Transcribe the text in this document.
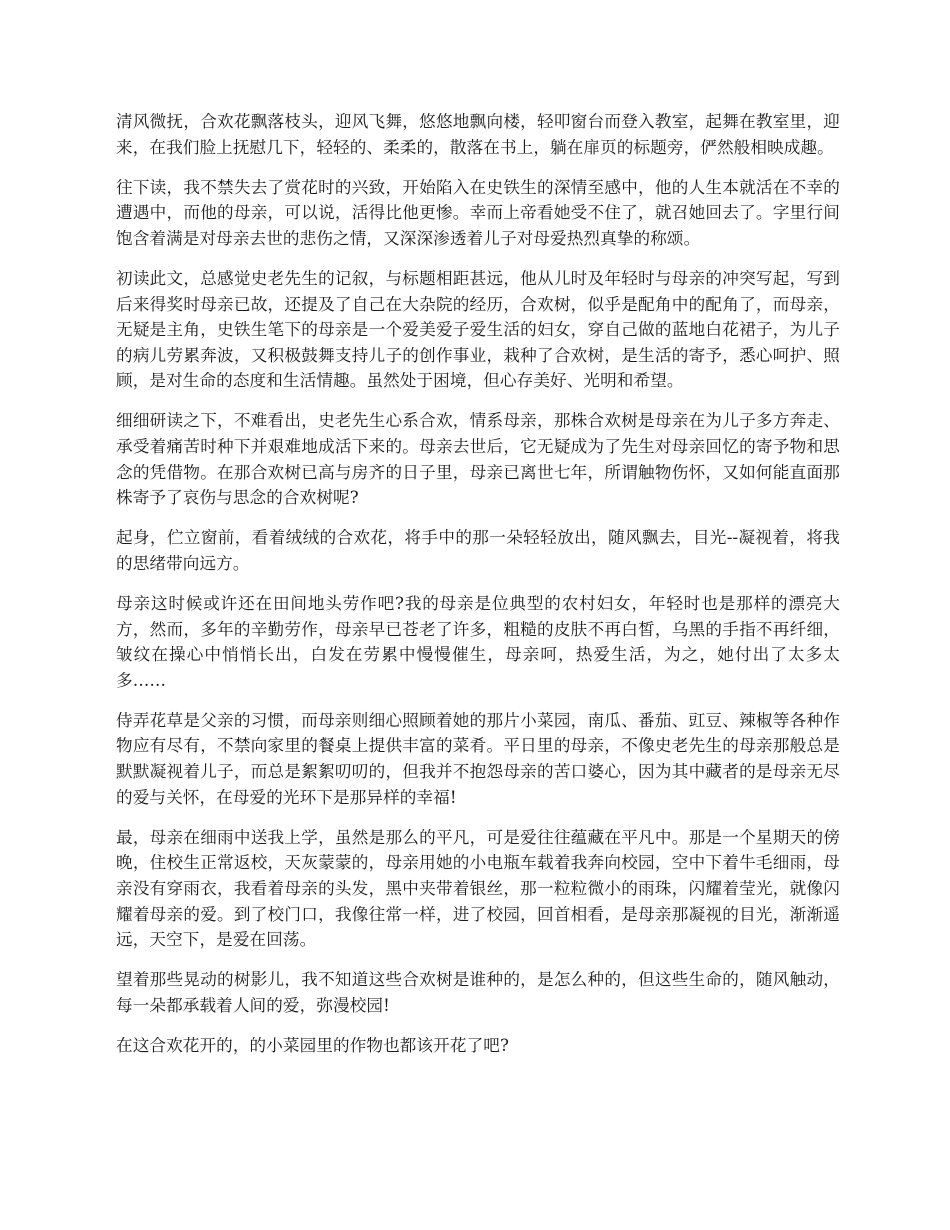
清风微抚，合欢花飘落枝头，迎风飞舞，悠悠地飘向楼，轻叩窗台而登入教室，起舞在教室里，迎来，在我们脸上抚慰几下，轻轻的、柔柔的，散落在书上，躺在扉页的标题旁，俨然般相映成趣。

往下读，我不禁失去了赏花时的兴致，开始陷入在史铁生的深情至感中，他的人生本就活在不幸的遭遇中，而他的母亲，可以说，活得比他更惨。幸而上帝看她受不住了，就召她回去了。字里行间饱含着满是对母亲去世的悲伤之情，又深深渗透着儿子对母爱热烈真挚的称颂。

初读此文，总感觉史老先生的记叙，与标题相距甚远，他从儿时及年轻时与母亲的冲突写起，写到后来得奖时母亲已故，还提及了自己在大杂院的经历，合欢树，似乎是配角中的配角了，而母亲，无疑是主角，史铁生笔下的母亲是一个爱美爱子爱生活的妇女，穿自己做的蓝地白花裙子，为儿子的病儿劳累奔波，又积极鼓舞支持儿子的创作事业，栽种了合欢树，是生活的寄予，悉心呵护、照顾，是对生命的态度和生活情趣。虽然处于困境，但心存美好、光明和希望。

细细研读之下，不难看出，史老先生心系合欢，情系母亲，那株合欢树是母亲在为儿子多方奔走、承受着痛苦时种下并艰难地成活下来的。母亲去世后，它无疑成为了先生对母亲回忆的寄予物和思念的凭借物。在那合欢树已高与房齐的日子里，母亲已离世七年，所谓触物伤怀，又如何能直面那株寄予了哀伤与思念的合欢树呢?

起身，伫立窗前，看着绒绒的合欢花，将手中的那一朵轻轻放出，随风飘去，目光--凝视着，将我的思绪带向远方。

母亲这时候或许还在田间地头劳作吧?我的母亲是位典型的农村妇女，年轻时也是那样的漂亮大方，然而，多年的辛勤劳作，母亲早已苍老了许多，粗糙的皮肤不再白皙，乌黑的手指不再纤细，皱纹在操心中悄悄长出，白发在劳累中慢慢催生，母亲呵，热爱生活，为之，她付出了太多太多……

侍弄花草是父亲的习惯，而母亲则细心照顾着她的那片小菜园，南瓜、番茄、豇豆、辣椒等各种作物应有尽有，不禁向家里的餐桌上提供丰富的菜肴。平日里的母亲，不像史老先生的母亲那般总是默默凝视着儿子，而总是絮絮叨叨的，但我并不抱怨母亲的苦口婆心，因为其中藏者的是母亲无尽的爱与关怀，在母爱的光环下是那异样的幸福!

最，母亲在细雨中送我上学，虽然是那么的平凡，可是爱往往蕴藏在平凡中。那是一个星期天的傍晚，住校生正常返校，天灰蒙蒙的，母亲用她的小电瓶车载着我奔向校园，空中下着牛毛细雨，母亲没有穿雨衣，我看着母亲的头发，黑中夹带着银丝，那一粒粒微小的雨珠，闪耀着莹光，就像闪耀着母亲的爱。到了校门口，我像往常一样，进了校园，回首相看，是母亲那凝视的目光，渐渐遥远，天空下，是爱在回荡。

望着那些晃动的树影儿，我不知道这些合欢树是谁种的，是怎么种的，但这些生命的，随风触动，每一朵都承载着人间的爱，弥漫校园!

在这合欢花开的，的小菜园里的作物也都该开花了吧?
